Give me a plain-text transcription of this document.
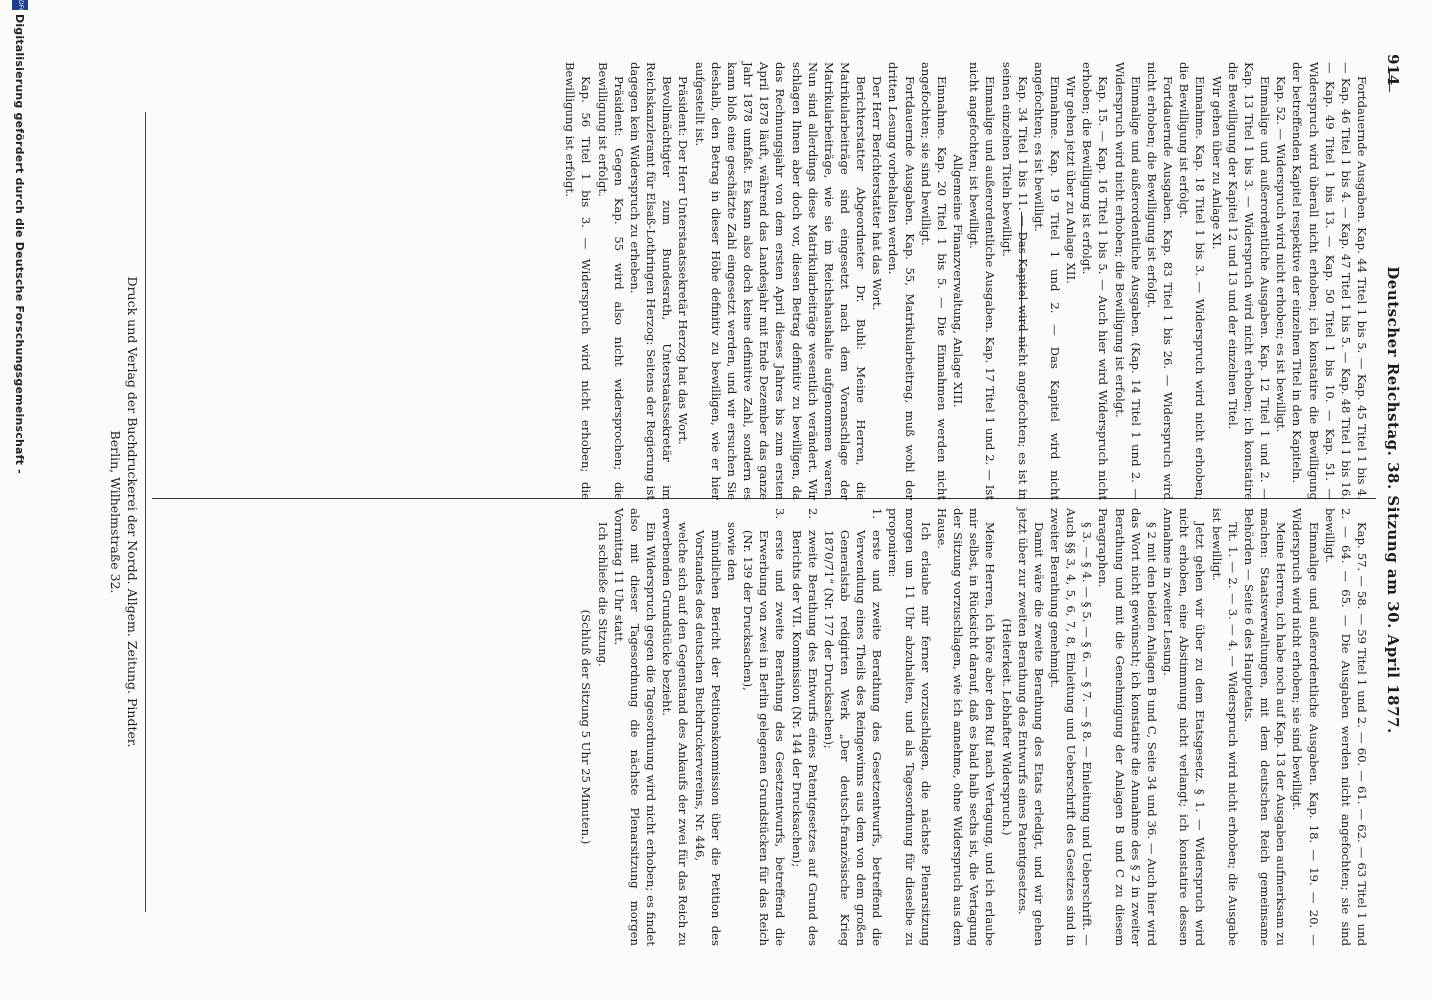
914
Deutscher Reichstag. 38. Sitzung am 30. April 1877.

Fortdauernde Ausgaben. Kap. 44 Titel 1 bis 5. — Kap. 45 Titel 1 bis 4. — Kap. 46 Titel 1 bis 4. — Kap. 47 Titel 1 bis 5. — Kap. 48 Titel 1 bis 16. — Kap. 49 Titel 1 bis 13. — Kap. 50 Titel 1 bis 10. — Kap. 51. — Widerspruch wird überall nicht erhoben; ich konstatire die Bewilligung der betreffenden Kapitel respektive der einzelnen Titel in den Kapiteln.

Kap. 52. — Widerspruch wird nicht erhoben; es ist bewilligt.

Einmalige und außerordentliche Ausgaben. Kap. 12 Titel 1 und 2. — Kap. 13 Titel 1 bis 3. — Widerspruch wird nicht erhoben; ich konstatire die Bewilligung der Kapitel 12 und 13 und der einzelnen Titel.

Wir gehen über zu Anlage XI.

Einnahme. Kap. 18 Titel 1 bis 3. — Widerspruch wird nicht erhoben; die Bewilligung ist erfolgt.

Fortdauernde Ausgaben. Kap. 83 Titel 1 bis 26. — Widerspruch wird nicht erhoben; die Bewilligung ist erfolgt.

Einmalige und außerordentliche Ausgaben. (Kap. 14 Titel 1 und 2. — Widerspruch wird nicht erhoben; die Bewilligung ist erfolgt.

Kap. 15. — Kap. 16 Titel 1 bis 5. — Auch hier wird Widerspruch nicht erhoben; die Bewilligung ist erfolgt.

Wir gehen jetzt über zu Anlage XII.

Einnahme. Kap. 19 Titel 1 und 2. — Das Kapitel wird nicht angefochten; es ist bewilligt.

Kap. 34 Titel 1 bis 11. — Das Kapitel wird nicht angefochten; es ist in seinen einzelnen Titeln bewilligt.

Einmalige und außerordentliche Ausgaben. Kap. 17 Titel 1 und 2. — Ist nicht angefochten; ist bewilligt.

Allgemeine Finanzverwaltung, Anlage XIII.

Einnahme. Kap. 20 Titel 1 bis 5. — Die Einnahmen werden nicht angefochten; sie sind bewilligt.

Fortdauernde Ausgaben. Kap. 55, Matrikularbeitrag, muß wohl der dritten Lesung vorbehalten werden.

Der Herr Berichterstatter hat das Wort.

Berichterstatter Abgeordneter Dr. Buhl: Meine Herren, die Matrikularbeiträge sind eingesetzt nach dem Voranschlage der Matrikularbeiträge, wie sie im Reichshaushalte aufgenommen waren. Nun sind allerdings diese Matrikularbeiträge wesentlich verändert. Wir schlagen Ihnen aber doch vor, diesen Betrag definitiv zu bewilligen, da das Rechnungsjahr von dem ersten April dieses Jahres bis zum ersten April 1878 läuft, während das Landesjahr mit Ende Dezember das ganze Jahr 1878 umfaßt. Es kann also doch keine definitive Zahl, sondern es kann bloß eine geschätzte Zahl eingesetzt werden, und wir ersuchen Sie deshalb, den Betrag in dieser Höhe definitiv zu bewilligen, wie er hier aufgestellt ist.

Präsident: Der Herr Unterstaatssekretär Herzog hat das Wort.

Bevollmächtigter zum Bundesrath, Unterstaatssekretär im Reichskanzleramt für Elsaß-Lothringen Herzog: Seitens der Regierung ist dagegen kein Widerspruch zu erheben.

Präsident: Gegen Kap. 55 wird also nicht widersprochen; die Bewilligung ist erfolgt.

Kap. 56 Titel 1 bis 3. — Widerspruch wird nicht erhoben; die Bewilligung ist erfolgt.

Kap. 57. — 58. — 59 Titel 1 und 2. — 60. — 61. — 62. — 63 Titel 1 und 2. — 64. — 65. — Die Ausgaben werden nicht angefochten; sie sind bewilligt.

Einmalige und außerordentliche Ausgaben. Kap. 18. — 19. — 20. — Widerspruch wird nicht erhoben; sie sind bewilligt.

Meine Herren, ich habe noch auf Kap. 13 der Ausgaben aufmerksam zu machen: Staatsverwaltungen, mit dem deutschen Reich gemeinsame Behörden — Seite 6 des Hauptetats.

Tit. 1. — 2. — 3. — 4. — Widerspruch wird nicht erhoben; die Ausgabe ist bewilligt.

Jetzt gehen wir über zu dem Etatsgesetz. § 1. — Widerspruch wird nicht erhoben, eine Abstimmung nicht verlangt; ich konstatire dessen Annahme in zweiter Lesung.

§ 2 mit den beiden Anlagen B und C, Seite 34 und 36. — Auch hier wird das Wort nicht gewünscht; ich konstatire die Annahme des § 2 in zweiter Berathung und mit die Genehmigung der Anlagen B und C zu diesem Paragraphen.

§ 3. — § 4. — § 5. — § 6. — § 7. — § 8. — Einleitung und Ueberschrift. — Auch §§ 3, 4, 5, 6, 7, 8, Einleitung und Ueberschrift des Gesetzes sind in zweiter Berathung genehmigt.

Damit wäre die zweite Berathung des Etats erledigt, und wir gehen jetzt über zur zweiten Berathung des Entwurfs eines Patentgesetzes.

(Heiterkeit. Lebhafter Widerspruch.)

Meine Herren, ich höre aber den Ruf nach Vertagung, und ich erlaube mir selbst, in Rücksicht darauf, daß es bald halb sechs ist, die Vertagung der Sitzung vorzuschlagen, wie ich annehme, ohne Widerspruch aus dem Hause.

Ich erlaube mir ferner vorzuschlagen, die nächste Plenarsitzung morgen um 11 Uhr abzuhalten, und als Tagesordnung für dieselbe zu proponiren:

1.
erste und zweite Berathung des Gesetzentwurfs, betreffend die Verwendung eines Theils des Reingewinns aus dem von dem großen Generalstab redigirten Werk „Der deutsch-französische Krieg 1870/71“ (Nr. 177 der Drucksachen);

2.
zweite Berathung des Entwurfs eines Patentgesetzes auf Grund des Berichts der VII. Kommission (Nr. 144 der Drucksachen);

3.
erste und zweite Berathung des Gesetzentwurfs, betreffend die Erwerbung von zwei in Berlin gelegenen Grundstücken für das Reich (Nr. 139 der Drucksachen),

sowie den

mündlichen Bericht der Petitionskommission über die Petition des Vorstandes des deutschen Buchdruckervereins, Nr. 446,

welche sich auf den Gegenstand des Ankaufs der zwei für das Reich zu erwerbenden Grundstücke bezieht.

Ein Widerspruch gegen die Tagesordnung wird nicht erhoben; es findet also mit dieser Tagesordnung die nächste Plenarsitzung morgen Vormittag 11 Uhr statt.

Ich schließe die Sitzung.

(Schluß der Sitzung 5 Uhr 25 Minuten.)

Druck und Verlag der Buchdruckerei der Nordd. Allgem. Zeitung. Pindter.
Berlin, Wilhelmstraße 32.
DFG
Digitalisierung gefördert durch die Deutsche Forschungsgemeinschaft -
